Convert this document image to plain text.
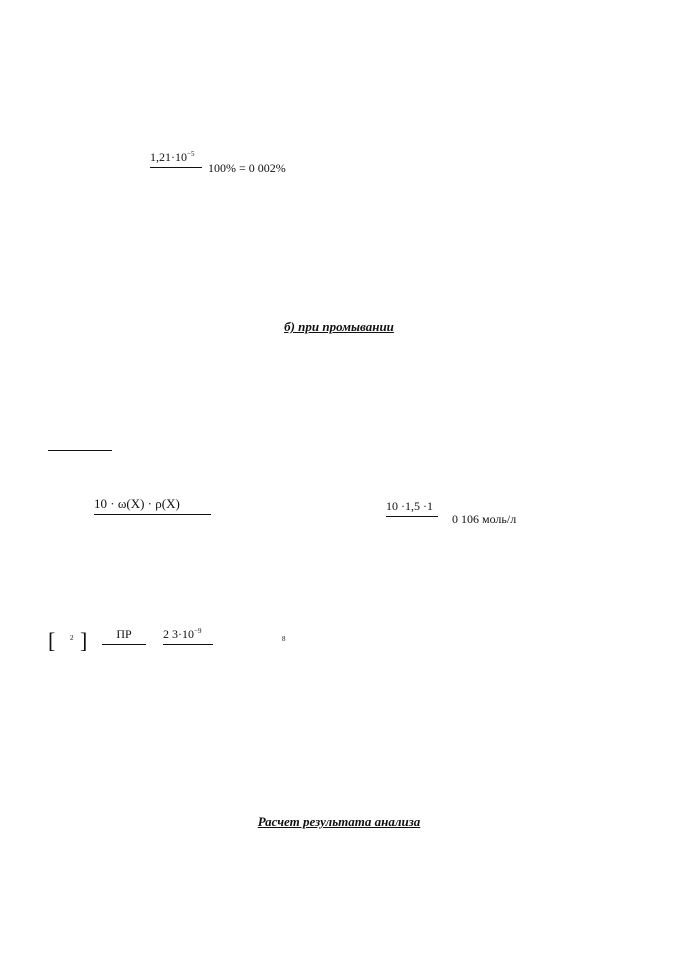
$1,21\cdot 10^{-5}$
100% = 0 002%
б) при промывании
10 · ω(X) · ρ(X)	10 ·1,5 ·1
0 106 моль/л
[ 2 ]	ПР	2 $3\cdot 10^{-9}$
8
Расчет результата анализа
